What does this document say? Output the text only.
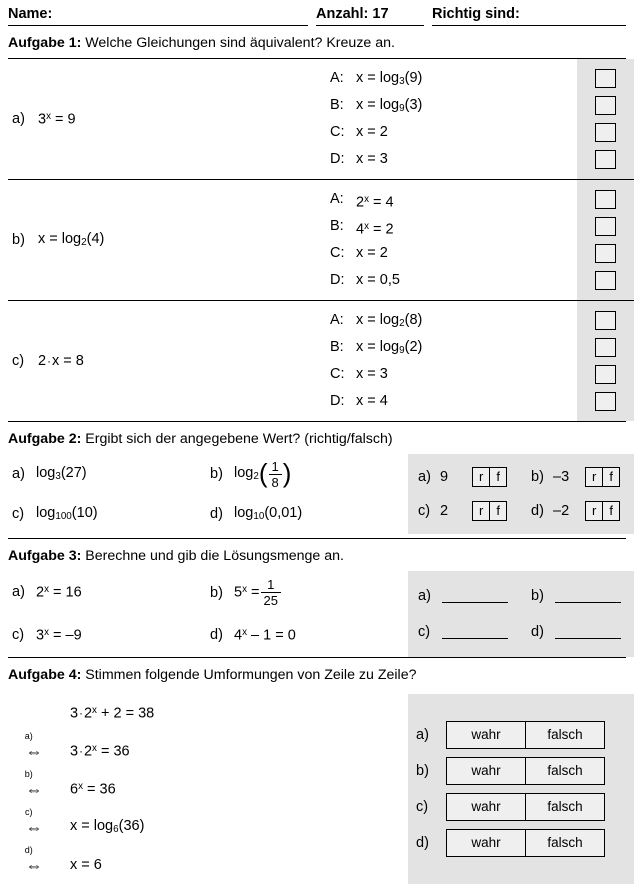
Name:	Anzahl: 17	Richtig sind:
Aufgabe 1: Welche Gleichungen sind äquivalent? Kreuze an.
a) $3^x = 9$
A: $x = \log_3(9)$
B: $x = \log_9(3)$
C: x = 2
D: x = 3
b) $x = \log_2(4)$
A: $2^x = 4$
B: $4^x = 2$
C: x = 2
D: x = 0,5
c) 2·x = 8
A: $x = \log_2(8)$
B: $x = \log_9(2)$
C: x = 3
D: x = 4
Aufgabe 2: Ergibt sich der angegebene Wert? (richtig/falsch)
a) $\log_3(27)$	b) $\log_2$ ( $\frac{1}{8}$ )
c) $\log_{100}(10)$	d) $\log_{10}(0,01)$
a) 9	r	f	b) –3	r	f
c) 2	r	f	d) –2	r	f
Aufgabe 3: Berechne und gib die Lösungsmenge an.
a) $2^x = 16$	b) $5^x = \frac{1}{25}$
c) $3^x = -9$	d) 4$^x$ – 1 = 0
a)	b)
c)	d)
Aufgabe 4: Stimmen folgende Umformungen von Zeile zu Zeile?
$3\cdot 2^x + 2 = 38$
a)
⇔	$3\cdot 2^x = 36$
b)
⇔	$6^x = 36$
c)
⇔	$x = \log_6(36)$
d)
⇔	x = 6
a)	wahr	falsch
b)	wahr	falsch
c)	wahr	falsch
d)	wahr	falsch
